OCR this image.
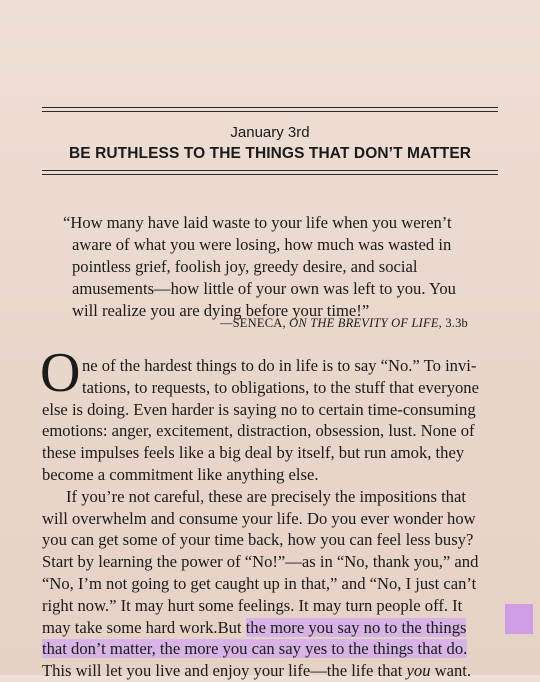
January 3rd
BE RUTHLESS TO THE THINGS THAT DON’T MATTER
“How many have laid waste to your life when you weren’t
aware of what you were losing, how much was wasted in
pointless grief, foolish joy, greedy desire, and social
amusements—how little of your own was left to you. You
will realize you are dying before your time!”
—SENECA, ON THE BREVITY OF LIFE, 3.3b
O ne of the hardest things to do in life is to say “No.” To invi-
tations, to requests, to obligations, to the stuff that everyone
else is doing. Even harder is saying no to certain time-consuming
emotions: anger, excitement, distraction, obsession, lust. None of
these impulses feels like a big deal by itself, but run amok, they
become a commitment like anything else.
If you’re not careful, these are precisely the impositions that
will overwhelm and consume your life. Do you ever wonder how
you can get some of your time back, how you can feel less busy?
Start by learning the power of “No!”—as in “No, thank you,” and
“No, I’m not going to get caught up in that,” and “No, I just can’t
right now.” It may hurt some feelings. It may turn people off. It
may take some hard work.But the more you say no to the things
that don’t matter, the more you can say yes to the things that do.
This will let you live and enjoy your life—the life that you want.
